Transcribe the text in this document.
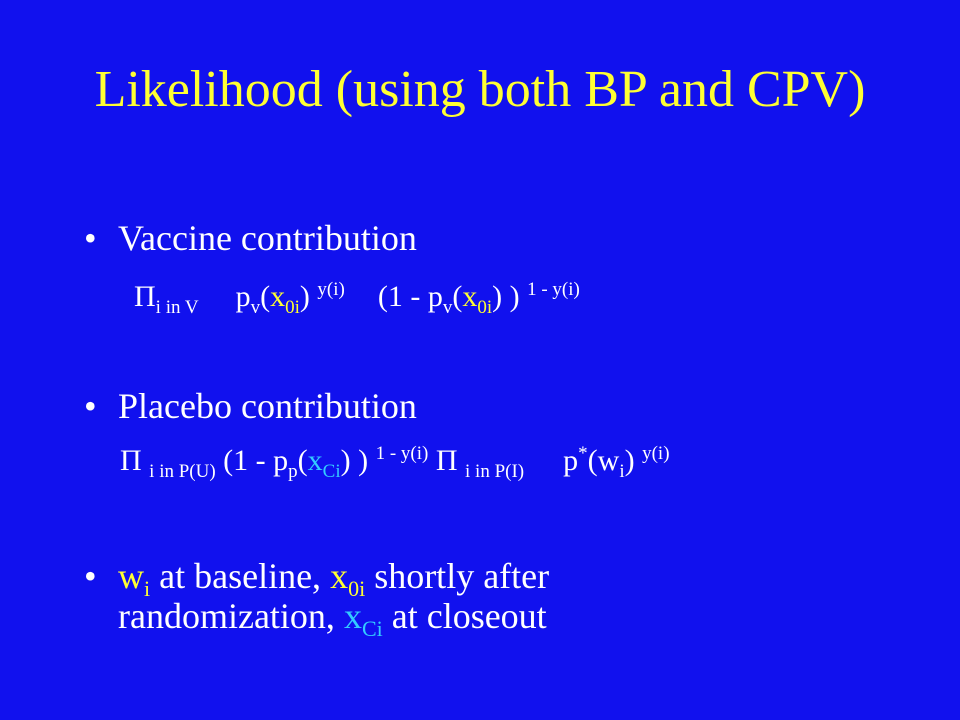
Likelihood (using both BP and CPV)
• Vaccine contribution
$\Pi_{i in V}$ $p_v(x_{0i})$ $^{y(i)}$ ($1 - p_v(x_{0i})$ ) $^{1 - y(i)}$
• Placebo contribution
Π $_{i in P(U)}$ ($1 - p_p(x_{Ci})$ ) $^{1 - y(i)}$ Π $_{i in P(I)}$ $p^*(w_i)$ $^{y(i)}$
• $w_i$ at baseline, $x_{0i}$ shortly after
randomization, $x_{Ci}$ at closeout
